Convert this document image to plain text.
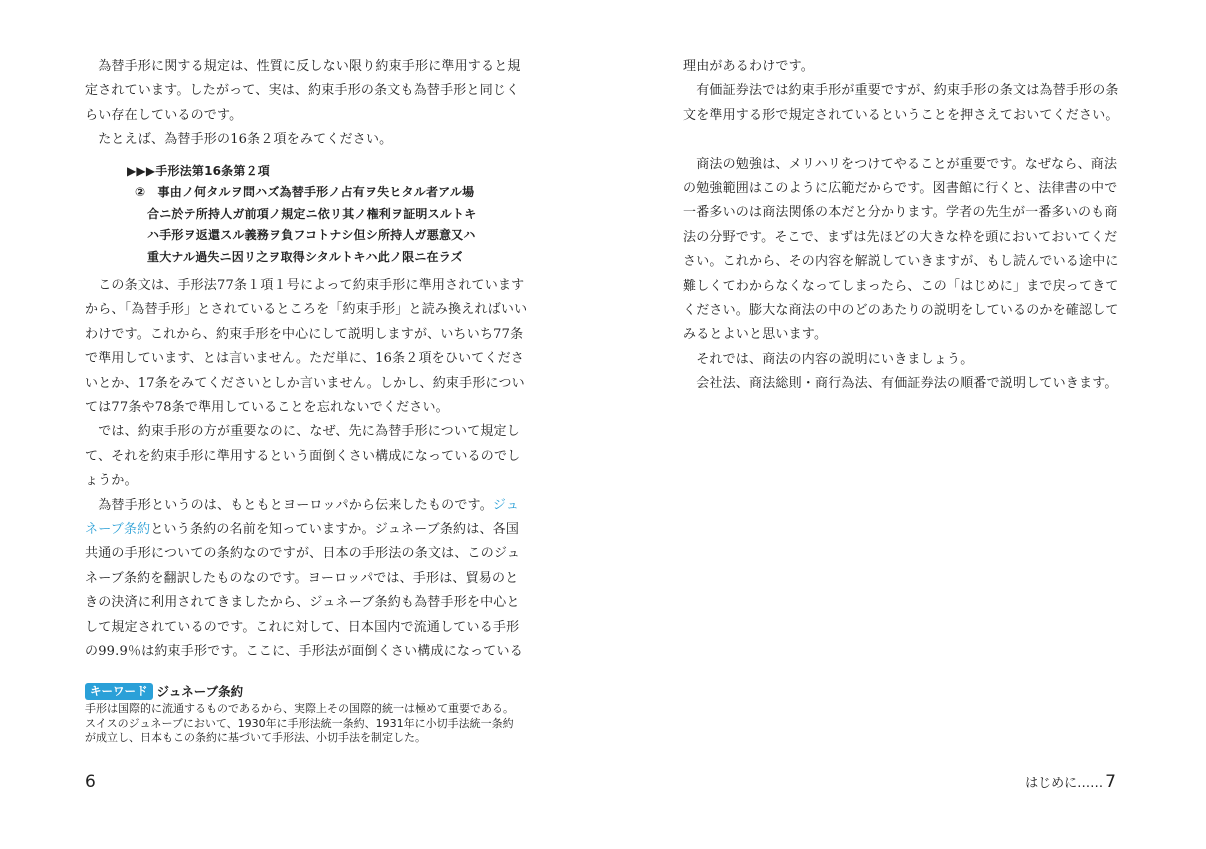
　為替手形に関する規定は、性質に反しない限り約束手形に準用すると規
定されています。したがって、実は、約束手形の条文も為替手形と同じく
らい存在しているのです。
　たとえば、為替手形の16条２項をみてください。
▶▶▶手形法第16条第２項
②　事由ノ何タルヲ問ハズ為替手形ノ占有ヲ失ヒタル者アル場
合ニ於テ所持人ガ前項ノ規定ニ依リ其ノ権利ヲ証明スルトキ
ハ手形ヲ返還スル義務ヲ負フコトナシ但シ所持人ガ悪意又ハ
重大ナル過失ニ因リ之ヲ取得シタルトキハ此ノ限ニ在ラズ
　この条文は、手形法77条１項１号によって約束手形に準用されています
から、「為替手形」とされているところを「約束手形」と読み換えればいい
わけです。これから、約束手形を中心にして説明しますが、いちいち77条
で準用しています、とは言いません。ただ単に、16条２項をひいてくださ
いとか、17条をみてくださいとしか言いません。しかし、約束手形につい
ては77条や78条で準用していることを忘れないでください。
　では、約束手形の方が重要なのに、なぜ、先に為替手形について規定し
て、それを約束手形に準用するという面倒くさい構成になっているのでし
ょうか。
　為替手形というのは、もともとヨーロッパから伝来したものです。ジュ
ネーブ条約という条約の名前を知っていますか。ジュネーブ条約は、各国
共通の手形についての条約なのですが、日本の手形法の条文は、このジュ
ネーブ条約を翻訳したものなのです。ヨーロッパでは、手形は、貿易のと
きの決済に利用されてきましたから、ジュネーブ条約も為替手形を中心と
して規定されているのです。これに対して、日本国内で流通している手形
の99.9％は約束手形です。ここに、手形法が面倒くさい構成になっている
キーワード ジュネーブ条約
手形は国際的に流通するものであるから、実際上その国際的統一は極めて重要である。
スイスのジュネーブにおいて、1930年に手形法統一条約、1931年に小切手法統一条約
が成立し、日本もこの条約に基づいて手形法、小切手法を制定した。
6
理由があるわけです。
　有価証券法では約束手形が重要ですが、約束手形の条文は為替手形の条
文を準用する形で規定されているということを押さえておいてください。
　商法の勉強は、メリハリをつけてやることが重要です。なぜなら、商法
の勉強範囲はこのように広範だからです。図書館に行くと、法律書の中で
一番多いのは商法関係の本だと分かります。学者の先生が一番多いのも商
法の分野です。そこで、まずは先ほどの大きな枠を頭においておいてくだ
さい。これから、その内容を解説していきますが、もし読んでいる途中に
難しくてわからなくなってしまったら、この「はじめに」まで戻ってきて
ください。膨大な商法の中のどのあたりの説明をしているのかを確認して
みるとよいと思います。
　それでは、商法の内容の説明にいきましょう。
　会社法、商法総則・商行為法、有価証券法の順番で説明していきます。
はじめに…… 7
